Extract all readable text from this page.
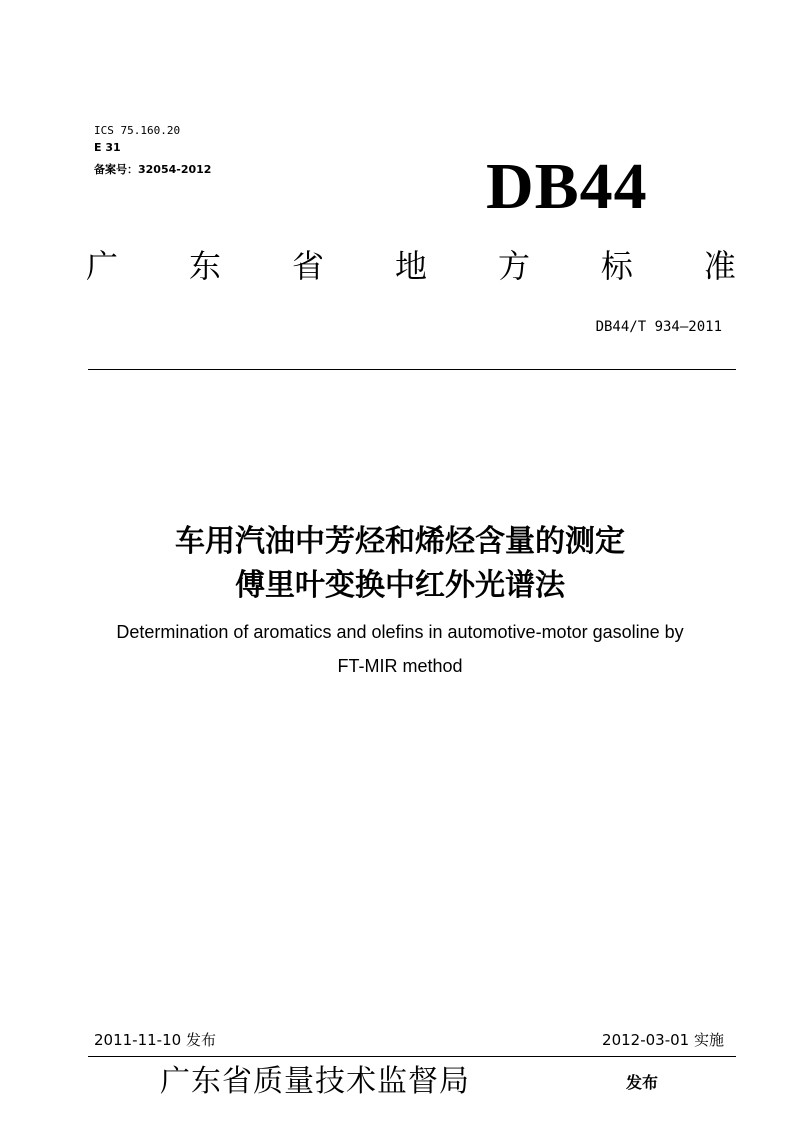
ICS 75.160.20
E 31
备案号：32054-2012	DB44
广 东 省 地 方 标 准
DB44/T 934—2011
车用汽油中芳烃和烯烃含量的测定
傅里叶变换中红外光谱法
Determination of aromatics and olefins in automotive-motor gasoline by
FT-MIR method
2011-11-10 发布	2012-03-01 实施
广东省质量技术监督局	发布
